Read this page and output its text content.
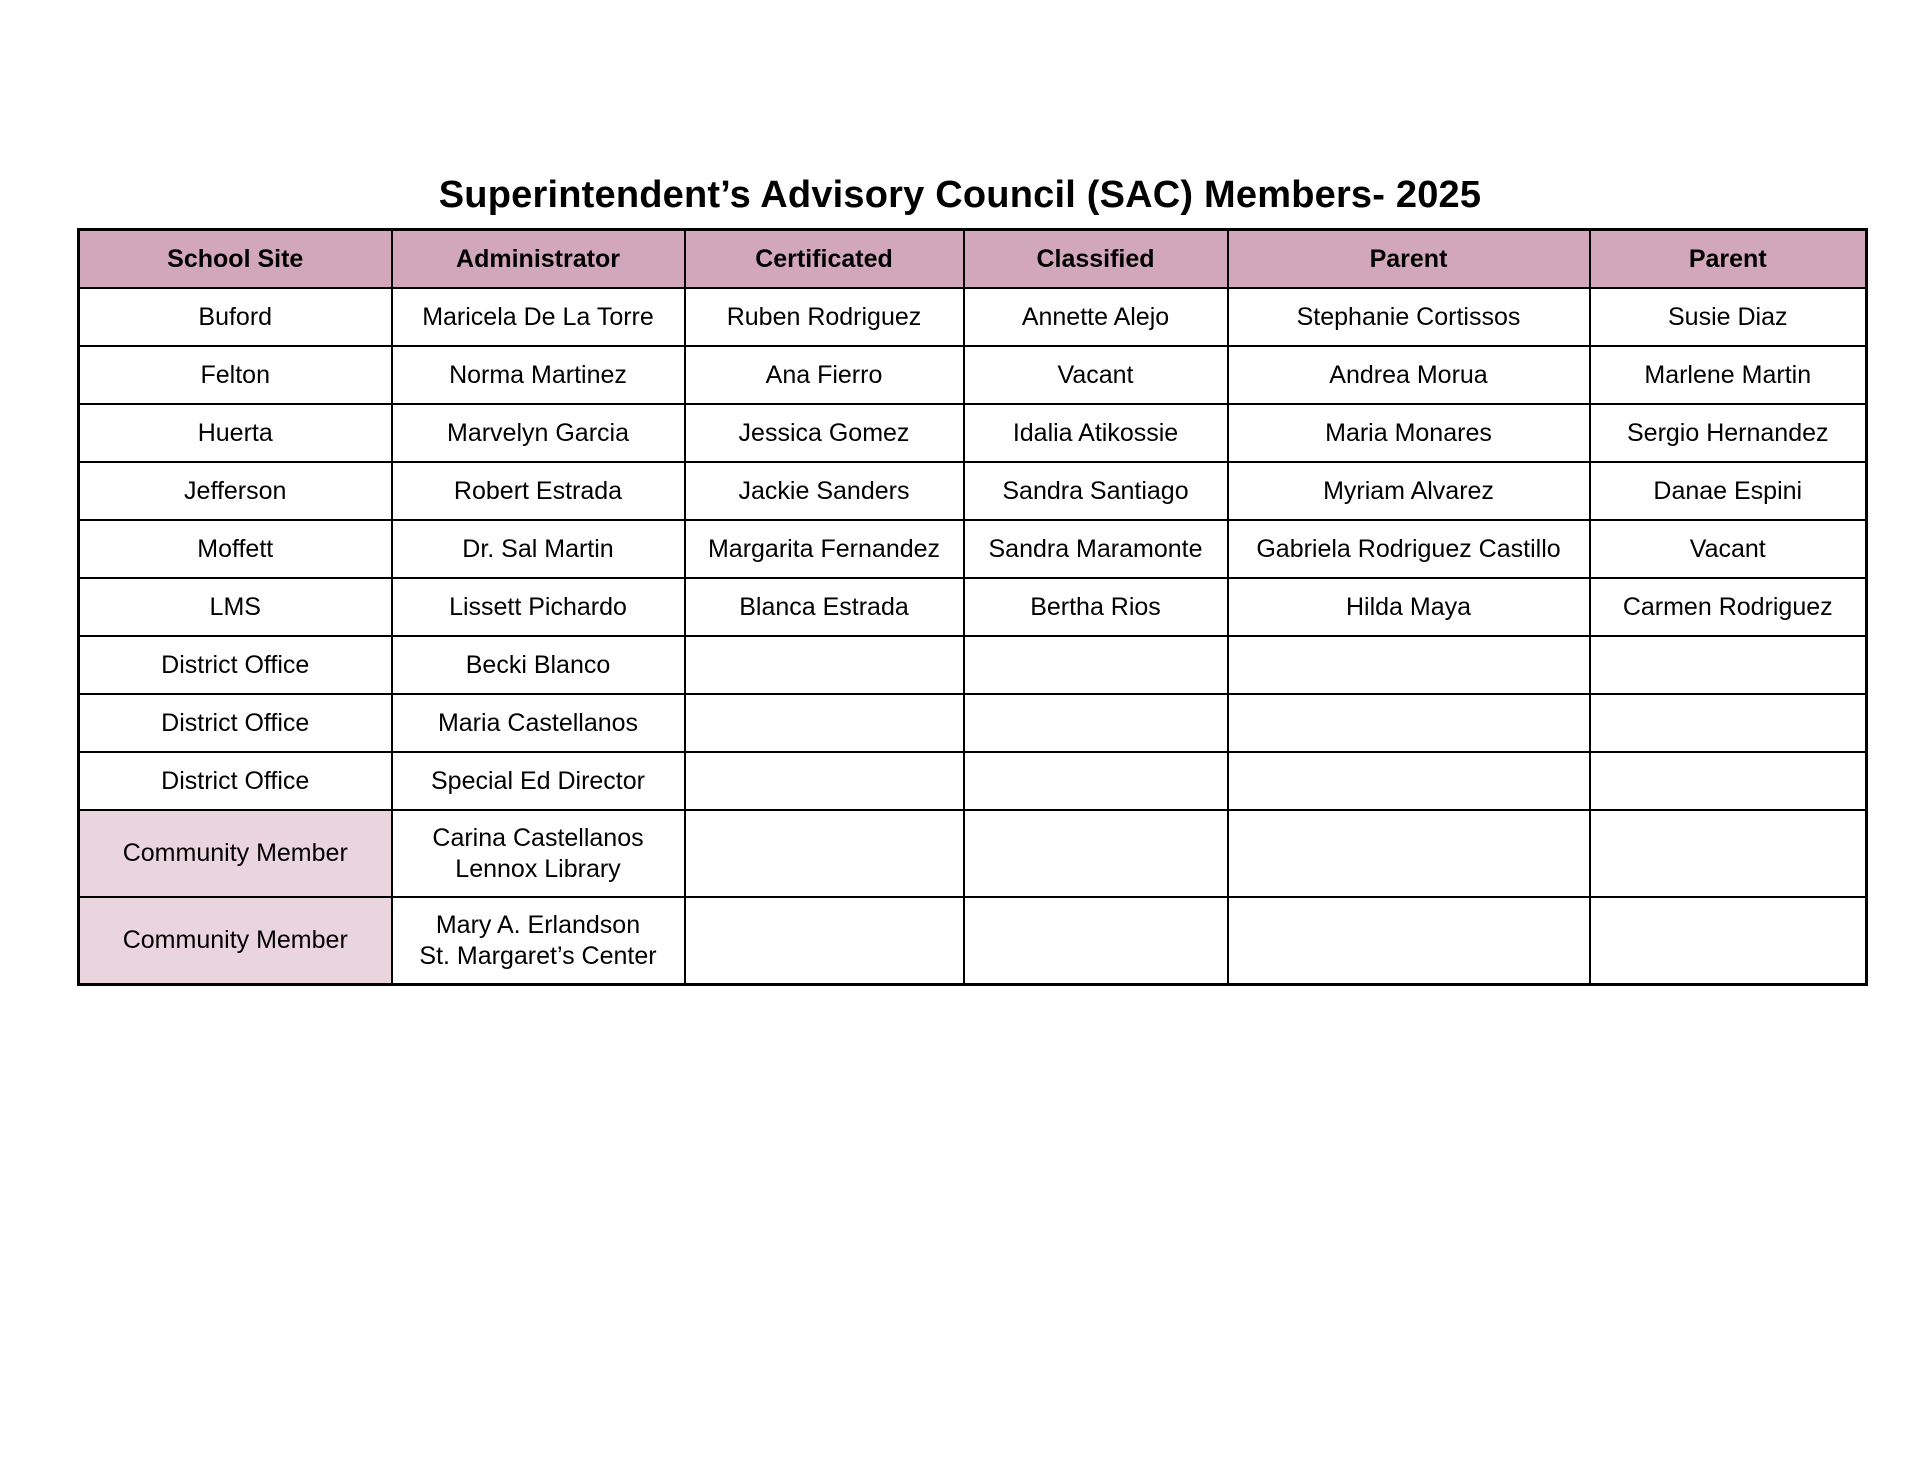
Superintendent’s Advisory Council (SAC) Members- 2025
School Site	Administrator	Certificated	Classified	Parent	Parent
Buford	Maricela De La Torre	Ruben Rodriguez	Annette Alejo	Stephanie Cortissos	Susie Diaz
Felton	Norma Martinez	Ana Fierro	Vacant	Andrea Morua	Marlene Martin
Huerta	Marvelyn Garcia	Jessica Gomez	Idalia Atikossie	Maria Monares	Sergio Hernandez
Jefferson	Robert Estrada	Jackie Sanders	Sandra Santiago	Myriam Alvarez	Danae Espini
Moffett	Dr. Sal Martin	Margarita Fernandez	Sandra Maramonte	Gabriela Rodriguez Castillo	Vacant
LMS	Lissett Pichardo	Blanca Estrada	Bertha Rios	Hilda Maya	Carmen Rodriguez
District Office	Becki Blanco				
District Office	Maria Castellanos				
District Office	Special Ed Director				
Community Member	Carina Castellanos
Lennox Library				

Community Member	Mary A. Erlandson
St. Margaret’s Center				
